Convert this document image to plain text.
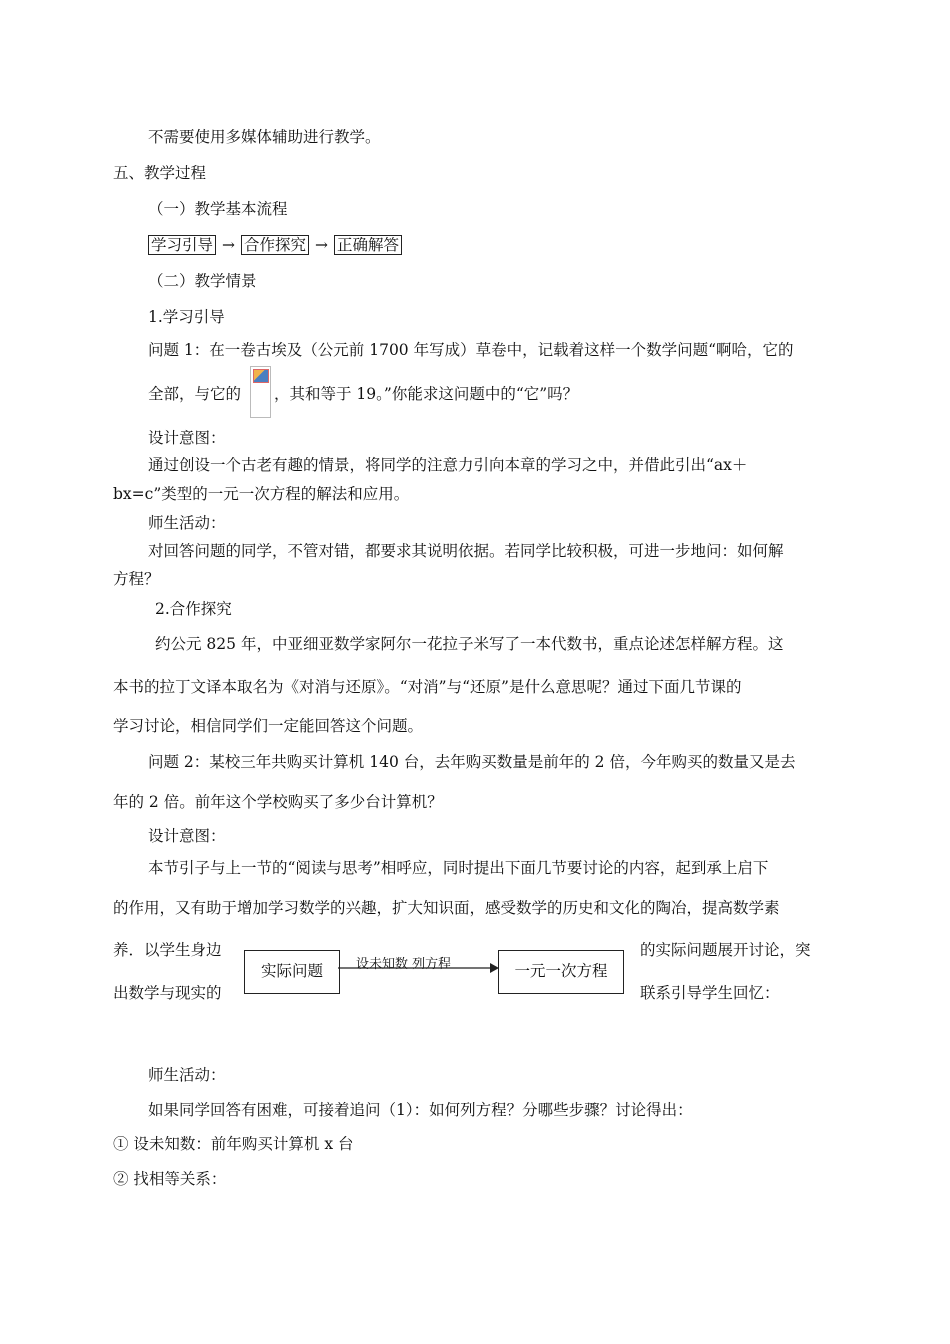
不需要使用多媒体辅助进行教学。
五、教学过程
（一）教学基本流程
学习引导 → 合作探究 → 正确解答
（二）教学情景
1.学习引导
问题 1：在一卷古埃及（公元前 1700 年写成）草卷中，记载着这样一个数学问题“啊哈，它的
全部，与它的 ，其和等于 19。”你能求这问题中的“它”吗？
设计意图：
通过创设一个古老有趣的情景，将同学的注意力引向本章的学习之中，并借此引出“ax＋
bx=c”类型的一元一次方程的解法和应用。
师生活动：
对回答问题的同学，不管对错，都要求其说明依据。若同学比较积极，可进一步地问：如何解
方程？
2.合作探究
约公元 825 年，中亚细亚数学家阿尔一花拉子米写了一本代数书，重点论述怎样解方程。这
本书的拉丁文译本取名为《对消与还原》。“对消”与“还原”是什么意思呢？通过下面几节课的
学习讨论，相信同学们一定能回答这个问题。
问题 2：某校三年共购买计算机 140 台，去年购买数量是前年的 2 倍，今年购买的数量又是去
年的 2 倍。前年这个学校购买了多少台计算机？
设计意图：
本节引子与上一节的“阅读与思考”相呼应，同时提出下面几节要讨论的内容，起到承上启下
的作用，又有助于增加学习数学的兴趣，扩大知识面，感受数学的历史和文化的陶冶，提高数学素
养．以学生身边	的实际问题展开讨论，突
出数学与现实的	联系引导学生回忆：
实际问题	一元一次方程
设未知数 列方程
师生活动：
如果同学回答有困难，可接着追问（1）：如何列方程？分哪些步骤？讨论得出：
① 设未知数：前年购买计算机 x 台
② 找相等关系：
